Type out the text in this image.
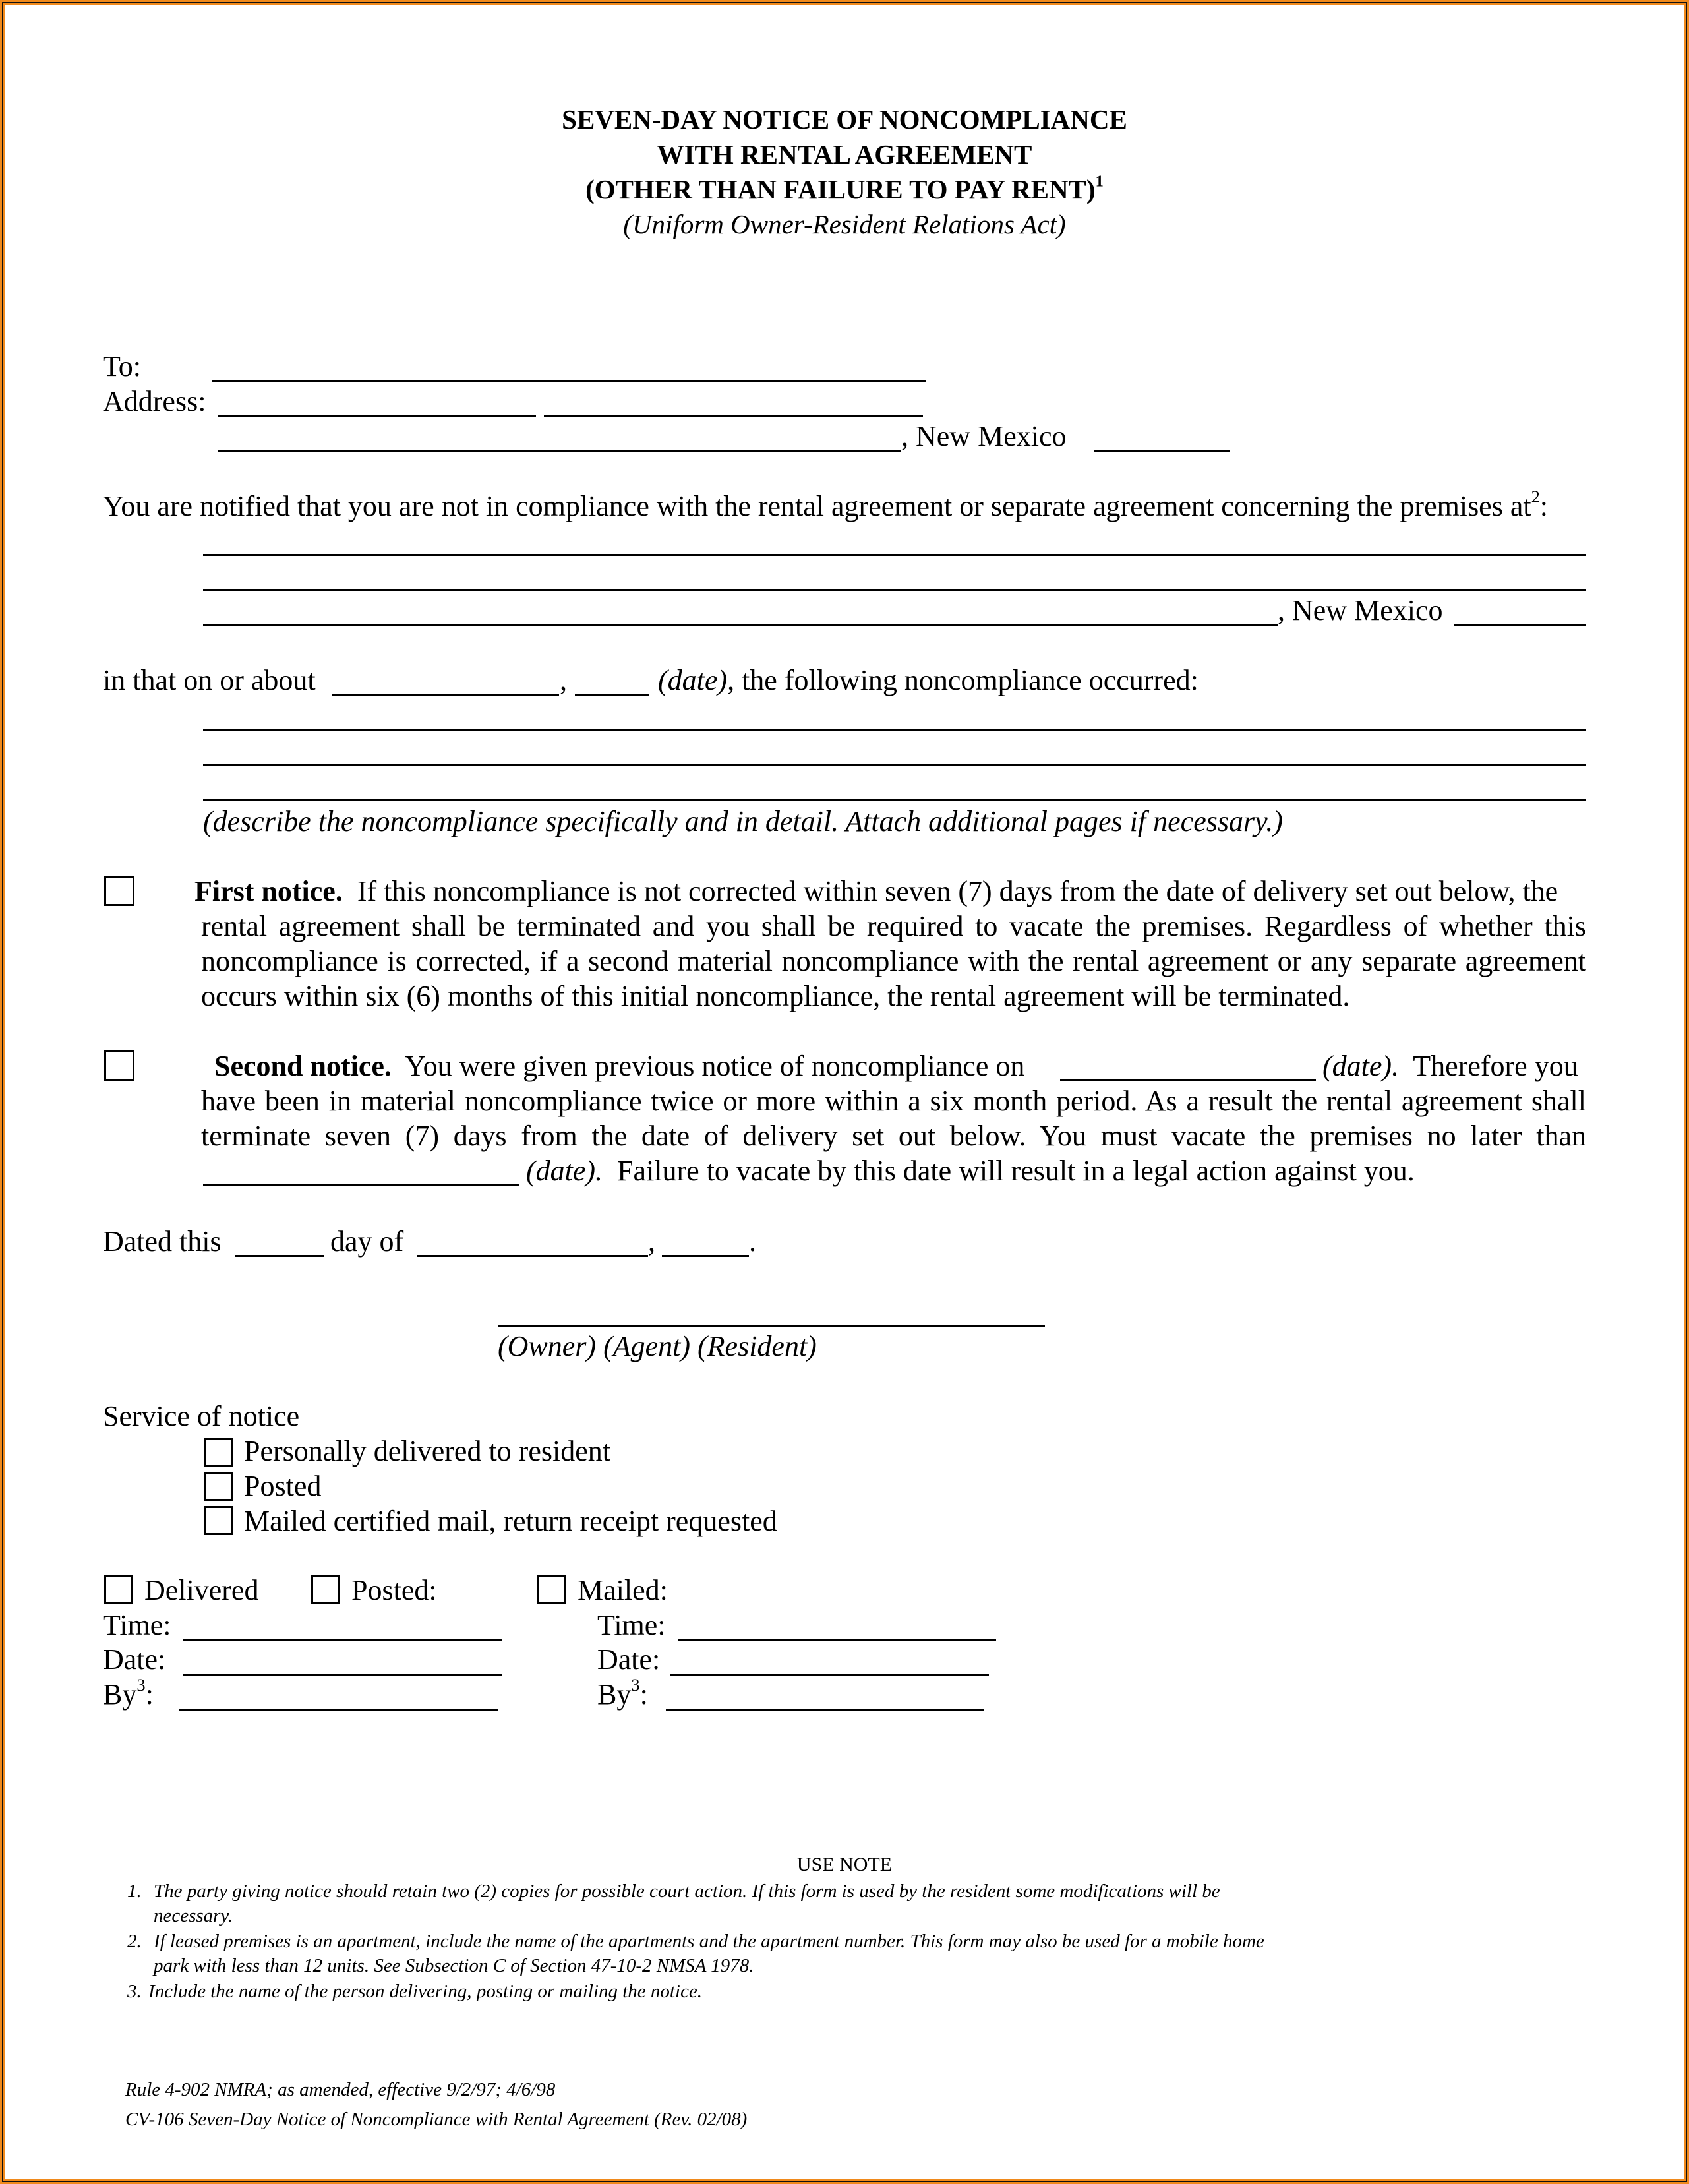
SEVEN-DAY NOTICE OF NONCOMPLIANCE
WITH RENTAL AGREEMENT
(OTHER THAN FAILURE TO PAY RENT)$^1$
(Uniform Owner-Resident Relations Act)
To:
Address:
, New Mexico
You are notified that you are not in compliance with the rental agreement or separate agreement concerning the premises $at^2$:
, New Mexico
in that on or about	,	(date), the following noncompliance occurred:
(describe the noncompliance specifically and in detail. Attach additional pages if necessary.)
First notice. If this noncompliance is not corrected within seven (7) days from the date of delivery set out below, the
rental agreement shall be terminated and you shall be required to vacate the premises. Regardless of whether this
noncompliance is corrected, if a second material noncompliance with the rental agreement or any separate agreement
occurs within six (6) months of this initial noncompliance, the rental agreement will be terminated.
Second notice. You were given previous notice of noncompliance on	(date). Therefore you
have been in material noncompliance twice or more within a six month period. As a result the rental agreement shall
terminate seven (7) days from the date of delivery set out below. You must vacate the premises no later than
(date). Failure to vacate by this date will result in a legal action against you.
Dated this	day of	,	.
(Owner) (Agent) (Resident)
Service of notice
Personally delivered to resident
Posted
Mailed certified mail, return receipt requested
Delivered	Posted:	Mailed:
Time:
Date:
By$^3$:
Time:
Date:
By$^3$:
USE NOTE
1. The party giving notice should retain two (2) copies for possible court action. If this form is used by the resident some modifications will be
necessary.
2. If leased premises is an apartment, include the name of the apartments and the apartment number. This form may also be used for a mobile home
park with less than 12 units. See Subsection C of Section 47-10-2 NMSA 1978.
3. Include the name of the person delivering, posting or mailing the notice.
Rule 4-902 NMRA; as amended, effective 9/2/97; 4/6/98
CV-106 Seven-Day Notice of Noncompliance with Rental Agreement (Rev. 02/08)
